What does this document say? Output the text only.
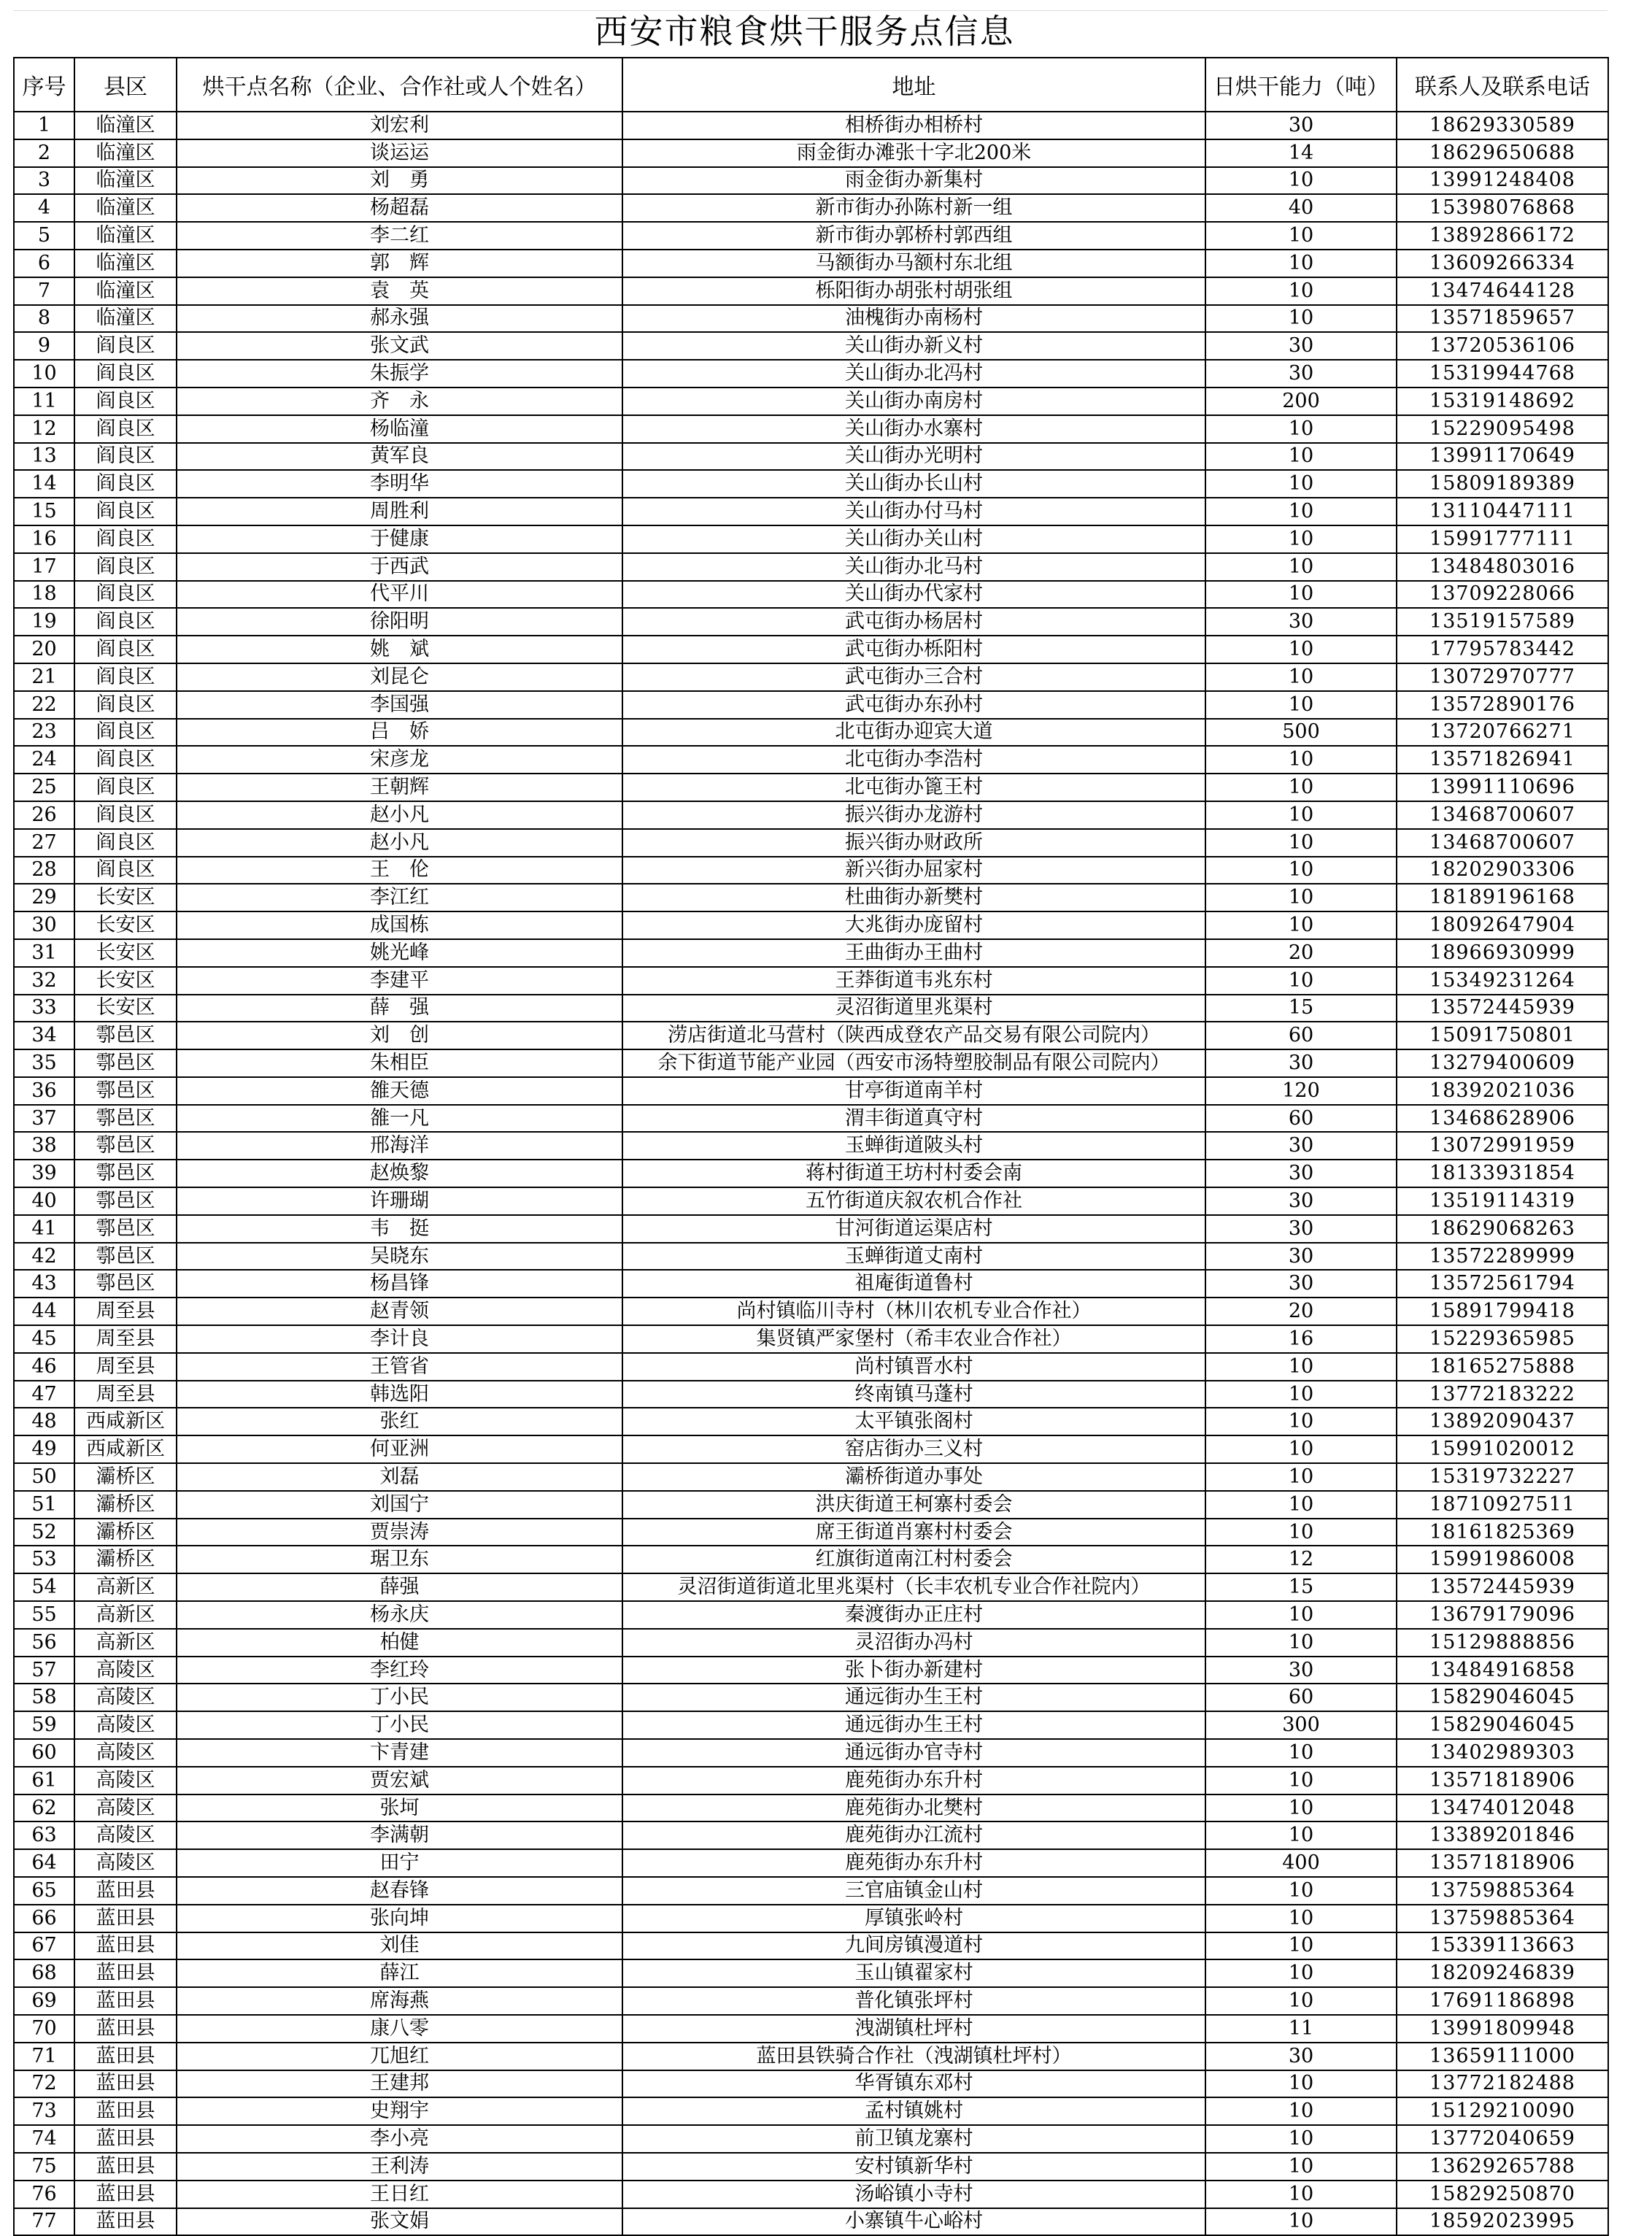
西安市粮食烘干服务点信息
序号	县区	烘干点名称（企业、合作社或人个姓名）	地址	日烘干能力（吨）	联系人及联系电话
1	临潼区	刘宏利	相桥街办相桥村	30	18629330589
2	临潼区	谈运运	雨金街办滩张十字北200米	14	18629650688
3	临潼区	刘　勇	雨金街办新集村	10	13991248408
4	临潼区	杨超磊	新市街办孙陈村新一组	40	15398076868
5	临潼区	李二红	新市街办郭桥村郭西组	10	13892866172
6	临潼区	郭　辉	马额街办马额村东北组	10	13609266334
7	临潼区	袁　英	栎阳街办胡张村胡张组	10	13474644128
8	临潼区	郝永强	油槐街办南杨村	10	13571859657
9	阎良区	张文武	关山街办新义村	30	13720536106
10	阎良区	朱振学	关山街办北冯村	30	15319944768
11	阎良区	齐　永	关山街办南房村	200	15319148692
12	阎良区	杨临潼	关山街办水寨村	10	15229095498
13	阎良区	黄军良	关山街办光明村	10	13991170649
14	阎良区	李明华	关山街办长山村	10	15809189389
15	阎良区	周胜利	关山街办付马村	10	13110447111
16	阎良区	于健康	关山街办关山村	10	15991777111
17	阎良区	于西武	关山街办北马村	10	13484803016
18	阎良区	代平川	关山街办代家村	10	13709228066
19	阎良区	徐阳明	武屯街办杨居村	30	13519157589
20	阎良区	姚　斌	武屯街办栎阳村	10	17795783442
21	阎良区	刘昆仑	武屯街办三合村	10	13072970777
22	阎良区	李国强	武屯街办东孙村	10	13572890176
23	阎良区	吕　娇	北屯街办迎宾大道	500	13720766271
24	阎良区	宋彦龙	北屯街办李浩村	10	13571826941
25	阎良区	王朝辉	北屯街办篦王村	10	13991110696
26	阎良区	赵小凡	振兴街办龙游村	10	13468700607
27	阎良区	赵小凡	振兴街办财政所	10	13468700607
28	阎良区	王　伦	新兴街办屈家村	10	18202903306
29	长安区	李江红	杜曲街办新樊村	10	18189196168
30	长安区	成国栋	大兆街办庞留村	10	18092647904
31	长安区	姚光峰	王曲街办王曲村	20	18966930999
32	长安区	李建平	王莽街道韦兆东村	10	15349231264
33	长安区	薛　强	灵沼街道里兆渠村	15	13572445939
34	鄠邑区	刘　创	涝店街道北马营村（陕西成登农产品交易有限公司院内）	60	15091750801
35	鄠邑区	朱相臣	余下街道节能产业园（西安市汤特塑胶制品有限公司院内）	30	13279400609
36	鄠邑区	雒天德	甘亭街道南羊村	120	18392021036
37	鄠邑区	雒一凡	渭丰街道真守村	60	13468628906
38	鄠邑区	邢海洋	玉蝉街道陂头村	30	13072991959
39	鄠邑区	赵焕黎	蒋村街道王坊村村委会南	30	18133931854
40	鄠邑区	许珊瑚	五竹街道庆叙农机合作社	30	13519114319
41	鄠邑区	韦　挺	甘河街道运渠店村	30	18629068263
42	鄠邑区	吴晓东	玉蝉街道丈南村	30	13572289999
43	鄠邑区	杨昌锋	祖庵街道鲁村	30	13572561794
44	周至县	赵青领	尚村镇临川寺村（林川农机专业合作社）	20	15891799418
45	周至县	李计良	集贤镇严家堡村（希丰农业合作社）	16	15229365985
46	周至县	王管省	尚村镇晋水村	10	18165275888
47	周至县	韩选阳	终南镇马蓬村	10	13772183222
48	西咸新区	张红	太平镇张阁村	10	13892090437
49	西咸新区	何亚洲	窑店街办三义村	10	15991020012
50	灞桥区	刘磊	灞桥街道办事处	10	15319732227
51	灞桥区	刘国宁	洪庆街道王柯寨村委会	10	18710927511
52	灞桥区	贾崇涛	席王街道肖寨村村委会	10	18161825369
53	灞桥区	琚卫东	红旗街道南江村村委会	12	15991986008
54	高新区	薛强	灵沼街道街道北里兆渠村（长丰农机专业合作社院内）	15	13572445939
55	高新区	杨永庆	秦渡街办正庄村	10	13679179096
56	高新区	柏健	灵沼街办冯村	10	15129888856
57	高陵区	李红玲	张卜街办新建村	30	13484916858
58	高陵区	丁小民	通远街办生王村	60	15829046045
59	高陵区	丁小民	通远街办生王村	300	15829046045
60	高陵区	卞青建	通远街办官寺村	10	13402989303
61	高陵区	贾宏斌	鹿苑街办东升村	10	13571818906
62	高陵区	张坷	鹿苑街办北樊村	10	13474012048
63	高陵区	李满朝	鹿苑街办江流村	10	13389201846
64	高陵区	田宁	鹿苑街办东升村	400	13571818906
65	蓝田县	赵春锋	三官庙镇金山村	10	13759885364
66	蓝田县	张向坤	厚镇张岭村	10	13759885364
67	蓝田县	刘佳	九间房镇漫道村	10	15339113663
68	蓝田县	薛江	玉山镇翟家村	10	18209246839
69	蓝田县	席海燕	普化镇张坪村	10	17691186898
70	蓝田县	康八零	洩湖镇杜坪村	11	13991809948
71	蓝田县	兀旭红	蓝田县铁骑合作社（洩湖镇杜坪村）	30	13659111000
72	蓝田县	王建邦	华胥镇东邓村	10	13772182488
73	蓝田县	史翔宇	孟村镇姚村	10	15129210090
74	蓝田县	李小亮	前卫镇龙寨村	10	13772040659
75	蓝田县	王利涛	安村镇新华村	10	13629265788
76	蓝田县	王日红	汤峪镇小寺村	10	15829250870
77	蓝田县	张文娟	小寨镇牛心峪村	10	18592023995
